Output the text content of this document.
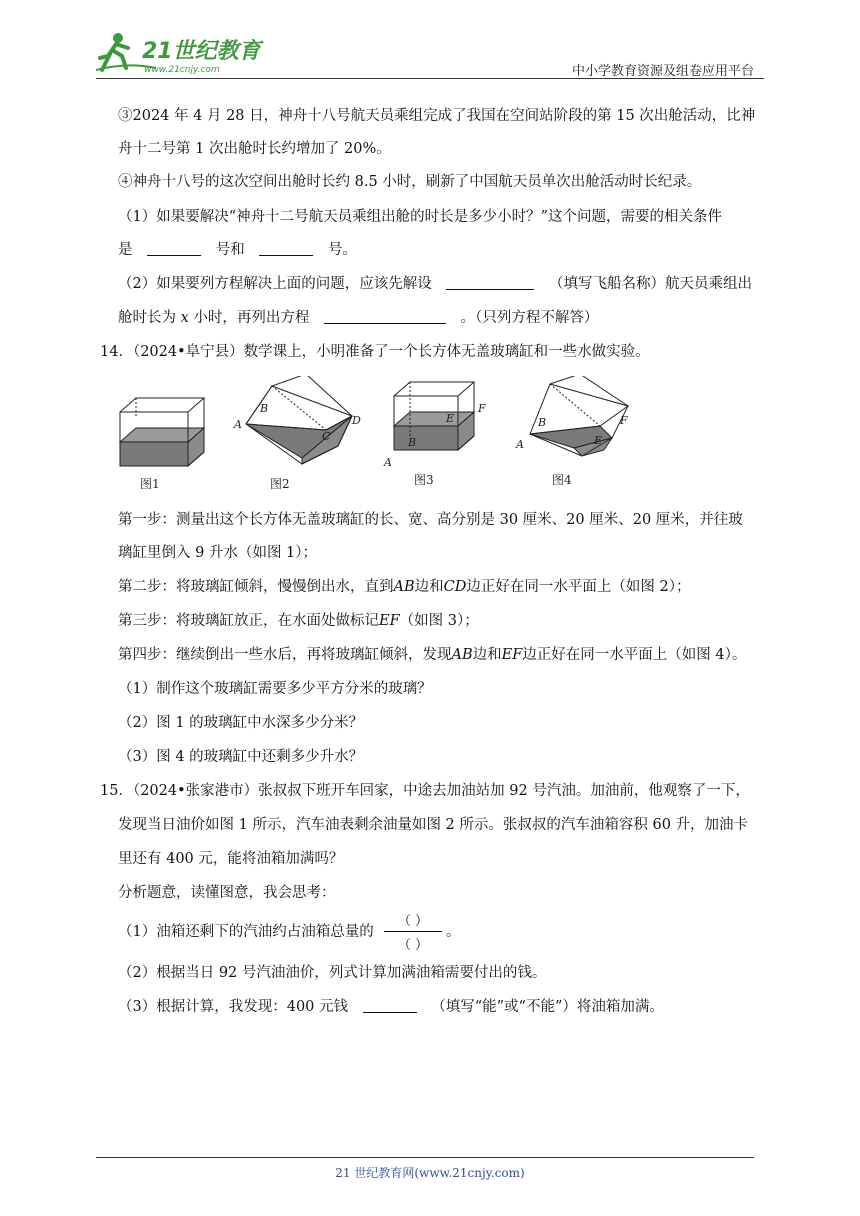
21世纪教育
www.21cnjy.com	中小学教育资源及组卷应用平台
③2024 年 4 月 28 日，神舟十八号航天员乘组完成了我国在空间站阶段的第 15 次出舱活动，比神
舟十二号第 1 次出舱时长约增加了 20%。
④神舟十八号的这次空间出舱时长约 8.5 小时，刷新了中国航天员单次出舱活动时长纪录。
（1）如果要解决“神舟十二号航天员乘组出舱的时长是多少小时？”这个问题，需要的相关条件
是	号和	号。
（2）如果要列方程解决上面的问题，应该先解设	（填写飞船名称）航天员乘组出
舱时长为 x 小时，再列出方程	。（只列方程不解答）
14．（2024•阜宁县）数学课上，小明准备了一个长方体无盖玻璃缸和一些水做实验。
图1
A
B
C
D
图2
A
B
E
F
图3
A
B
E
F
图4
第一步：测量出这个长方体无盖玻璃缸的长、宽、高分别是 30 厘米、20 厘米、20 厘米，并往玻
璃缸里倒入 9 升水（如图 1）；
第二步：将玻璃缸倾斜，慢慢倒出水，直到AB边和CD边正好在同一水平面上（如图 2）；
第三步：将玻璃缸放正，在水面处做标记EF（如图 3）；
第四步：继续倒出一些水后，再将玻璃缸倾斜，发现AB边和EF边正好在同一水平面上（如图 4）。
（1）制作这个玻璃缸需要多少平方分米的玻璃？
（2）图 1 的玻璃缸中水深多少分米？
（3）图 4 的玻璃缸中还剩多少升水？
15．（2024•张家港市）张叔叔下班开车回家，中途去加油站加 92 号汽油。加油前，他观察了一下，
发现当日油价如图 1 所示，汽车油表剩余油量如图 2 所示。张叔叔的汽车油箱容积 60 升，加油卡
里还有 400 元，能将油箱加满吗？
分析题意，读懂图意，我会思考：
（1）油箱还剩下的汽油约占油箱总量的
（ ）
（ ）
。
（2）根据当日 92 号汽油油价，列式计算加满油箱需要付出的钱。
（3）根据计算，我发现：400 元钱	（填写“能”或“不能”）将油箱加满。
21 世纪教育网(www.21cnjy.com)
